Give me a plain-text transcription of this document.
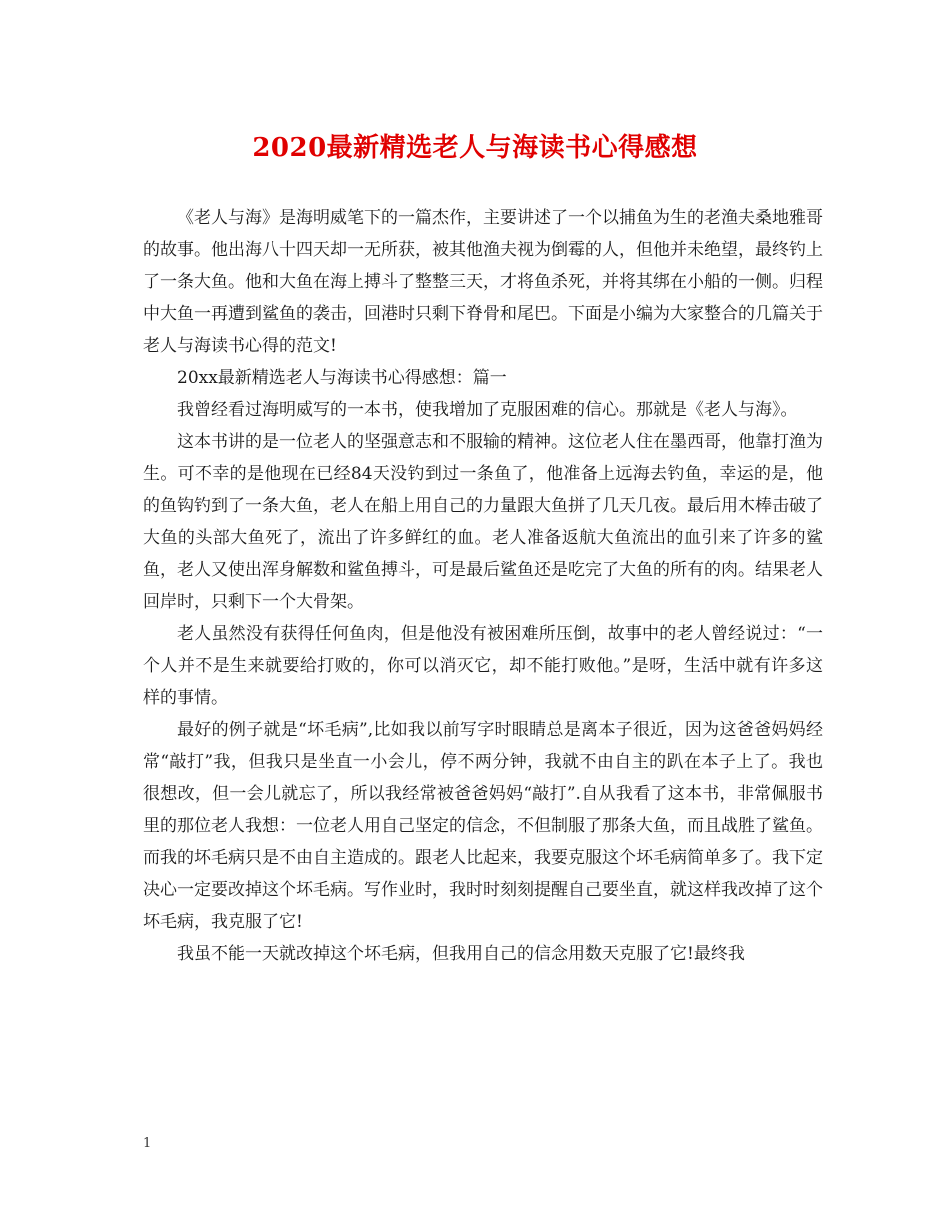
2020最新精选老人与海读书心得感想

《老人与海》是海明威笔下的一篇杰作，主要讲述了一个以捕鱼为生的老渔夫桑地雅哥的故事。他出海八十四天却一无所获，被其他渔夫视为倒霉的人，但他并未绝望，最终钓上了一条大鱼。他和大鱼在海上搏斗了整整三天，才将鱼杀死，并将其绑在小船的一侧。归程中大鱼一再遭到鲨鱼的袭击，回港时只剩下脊骨和尾巴。下面是小编为大家整合的几篇关于老人与海读书心得的范文!

20xx最新精选老人与海读书心得感想：篇一

我曾经看过海明威写的一本书，使我增加了克服困难的信心。那就是《老人与海》。

这本书讲的是一位老人的坚强意志和不服输的精神。这位老人住在墨西哥，他靠打渔为生。可不幸的是他现在已经84天没钓到过一条鱼了，他准备上远海去钓鱼，幸运的是，他的鱼钩钓到了一条大鱼，老人在船上用自己的力量跟大鱼拼了几天几夜。最后用木棒击破了大鱼的头部大鱼死了，流出了许多鲜红的血。老人准备返航大鱼流出的血引来了许多的鲨鱼，老人又使出浑身解数和鲨鱼搏斗，可是最后鲨鱼还是吃完了大鱼的所有的肉。结果老人回岸时，只剩下一个大骨架。

老人虽然没有获得任何鱼肉，但是他没有被困难所压倒，故事中的老人曾经说过：“一个人并不是生来就要给打败的，你可以消灭它，却不能打败他。”是呀，生活中就有许多这样的事情。

最好的例子就是“坏毛病”,比如我以前写字时眼睛总是离本子很近，因为这爸爸妈妈经常“敲打”我，但我只是坐直一小会儿，停不两分钟，我就不由自主的趴在本子上了。我也很想改，但一会儿就忘了，所以我经常被爸爸妈妈“敲打”.自从我看了这本书，非常佩服书里的那位老人我想：一位老人用自己坚定的信念，不但制服了那条大鱼，而且战胜了鲨鱼。而我的坏毛病只是不由自主造成的。跟老人比起来，我要克服这个坏毛病简单多了。我下定决心一定要改掉这个坏毛病。写作业时，我时时刻刻提醒自己要坐直，就这样我改掉了这个坏毛病，我克服了它!

我虽不能一天就改掉这个坏毛病，但我用自己的信念用数天克服了它!最终我

1
